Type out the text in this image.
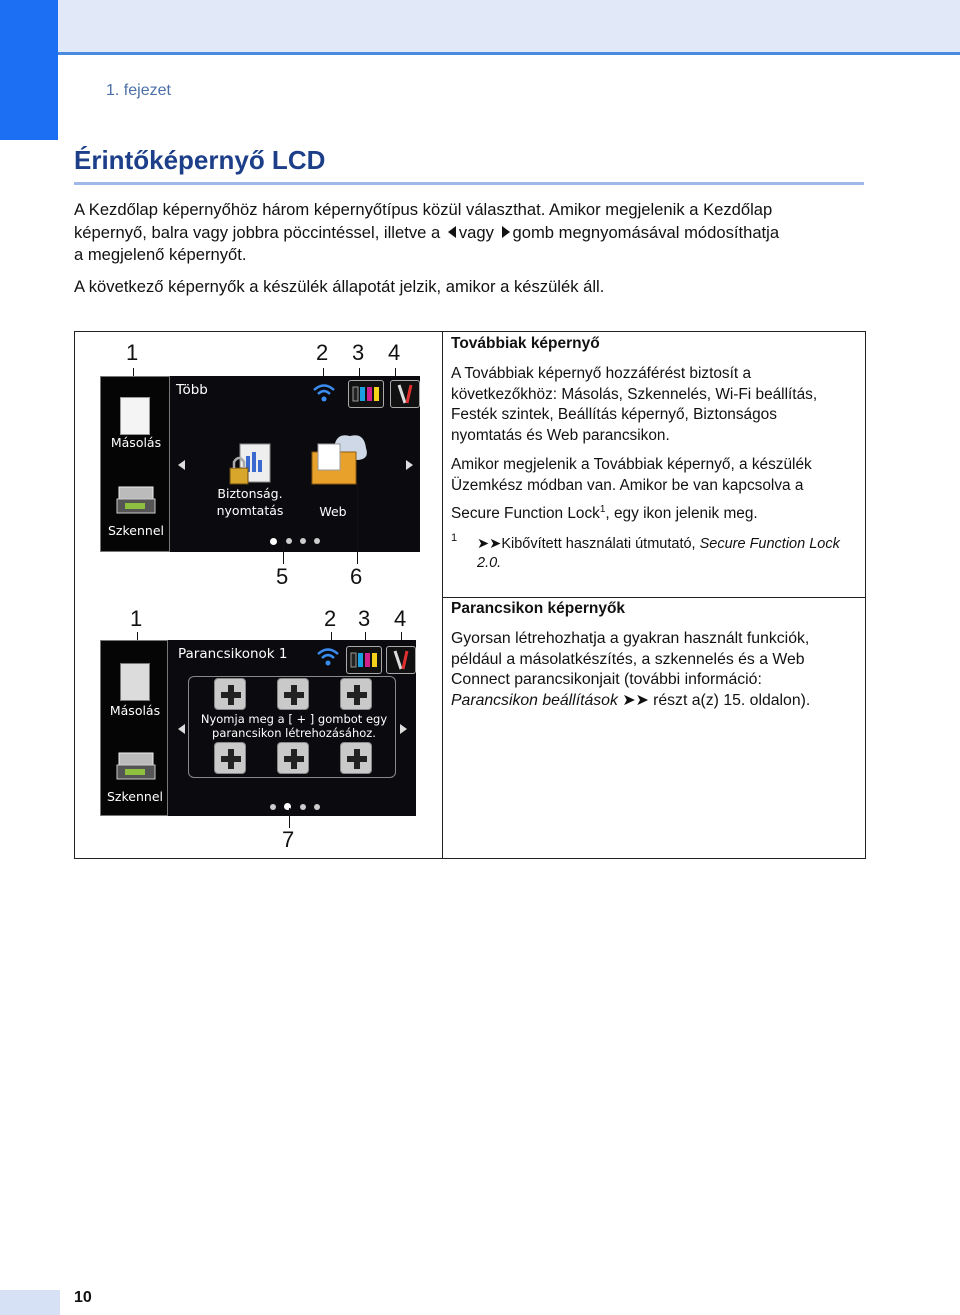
1. fejezet
Érintőképernyő LCD
A Kezdőlap képernyőhöz három képernyőtípus közül választhat. Amikor megjelenik a Kezdőlap
képernyő, balra vagy jobbra pöccintéssel, illetve a vagy gomb megnyomásával módosíthatja
a megjelenő képernyőt.
A következő képernyők a készülék állapotát jelzik, amikor a készülék áll.
1	2 3 4
Másolás
Szkennel
Több
Biztonság.
nyomtatás	Web
5	6
1	2 3 4
Másolás
Szkennel
Parancsikonok 1
Nyomja meg a [ + ] gombot egy
parancsikon létrehozásához.
7
Továbbiak képernyő
A Továbbiak képernyő hozzáférést biztosít a
következőkhöz: Másolás, Szkennelés, Wi-Fi beállítás,
Festék szintek, Beállítás képernyő, Biztonságos
nyomtatás és Web parancsikon.
Amikor megjelenik a Továbbiak képernyő, a készülék
Üzemkész módban van. Amikor be van kapcsolva a
Secure Function Lock$^1$, egy ikon jelenik meg.
1 ➤➤Kibővített használati útmutató, Secure Function Lock
2.0.
Parancsikon képernyők
Gyorsan létrehozhatja a gyakran használt funkciók,
például a másolatkészítés, a szkennelés és a Web
Connect parancsikonjait (további információ:
Parancsikon beállítások ➤➤ részt a(z) 15. oldalon).
10
